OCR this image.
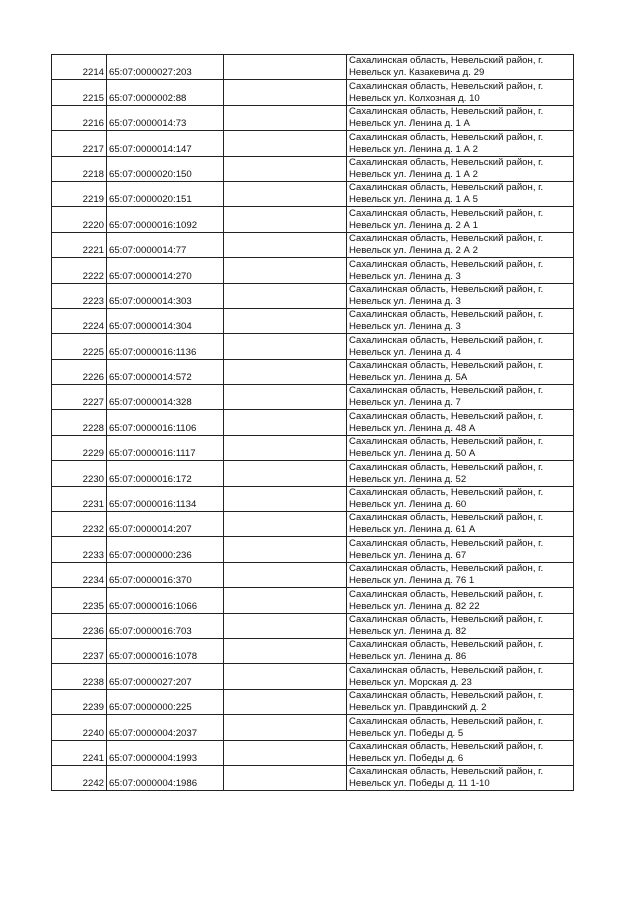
2214	65:07:0000027:203		Сахалинская область, Невельский район, г.
Невельск ул. Казакевича д. 29

2215	65:07:0000002:88		Сахалинская область, Невельский район, г.
Невельск ул. Колхозная д. 10

2216	65:07:0000014:73		Сахалинская область, Невельский район, г.
Невельск ул. Ленина д. 1 А

2217	65:07:0000014:147		Сахалинская область, Невельский район, г.
Невельск ул. Ленина д. 1 А 2

2218	65:07:0000020:150		Сахалинская область, Невельский район, г.
Невельск ул. Ленина д. 1 А 2

2219	65:07:0000020:151		Сахалинская область, Невельский район, г.
Невельск ул. Ленина д. 1 А 5

2220	65:07:0000016:1092		Сахалинская область, Невельский район, г.
Невельск ул. Ленина д. 2 А 1

2221	65:07:0000014:77		Сахалинская область, Невельский район, г.
Невельск ул. Ленина д. 2 А 2

2222	65:07:0000014:270		Сахалинская область, Невельский район, г.
Невельск ул. Ленина д. 3

2223	65:07:0000014:303		Сахалинская область, Невельский район, г.
Невельск ул. Ленина д. 3

2224	65:07:0000014:304		Сахалинская область, Невельский район, г.
Невельск ул. Ленина д. 3

2225	65:07:0000016:1136		Сахалинская область, Невельский район, г.
Невельск ул. Ленина д. 4

2226	65:07:0000014:572		Сахалинская область, Невельский район, г.
Невельск ул. Ленина д. 5А

2227	65:07:0000014:328		Сахалинская область, Невельский район, г.
Невельск ул. Ленина д. 7

2228	65:07:0000016:1106		Сахалинская область, Невельский район, г.
Невельск ул. Ленина д. 48 А

2229	65:07:0000016:1117		Сахалинская область, Невельский район, г.
Невельск ул. Ленина д. 50 А

2230	65:07:0000016:172		Сахалинская область, Невельский район, г.
Невельск ул. Ленина д. 52

2231	65:07:0000016:1134		Сахалинская область, Невельский район, г.
Невельск ул. Ленина д. 60

2232	65:07:0000014:207		Сахалинская область, Невельский район, г.
Невельск ул. Ленина д. 61 А

2233	65:07:0000000:236		Сахалинская область, Невельский район, г.
Невельск ул. Ленина д. 67

2234	65:07:0000016:370		Сахалинская область, Невельский район, г.
Невельск ул. Ленина д. 76 1

2235	65:07:0000016:1066		Сахалинская область, Невельский район, г.
Невельск ул. Ленина д. 82 22

2236	65:07:0000016:703		Сахалинская область, Невельский район, г.
Невельск ул. Ленина д. 82

2237	65:07:0000016:1078		Сахалинская область, Невельский район, г.
Невельск ул. Ленина д. 86

2238	65:07:0000027:207		Сахалинская область, Невельский район, г.
Невельск ул. Морская д. 23

2239	65:07:0000000:225		Сахалинская область, Невельский район, г.
Невельск ул. Правдинский д. 2

2240	65:07:0000004:2037		Сахалинская область, Невельский район, г.
Невельск ул. Победы д. 5

2241	65:07:0000004:1993		Сахалинская область, Невельский район, г.
Невельск ул. Победы д. 6

2242	65:07:0000004:1986		Сахалинская область, Невельский район, г.
Невельск ул. Победы д. 11 1-10
